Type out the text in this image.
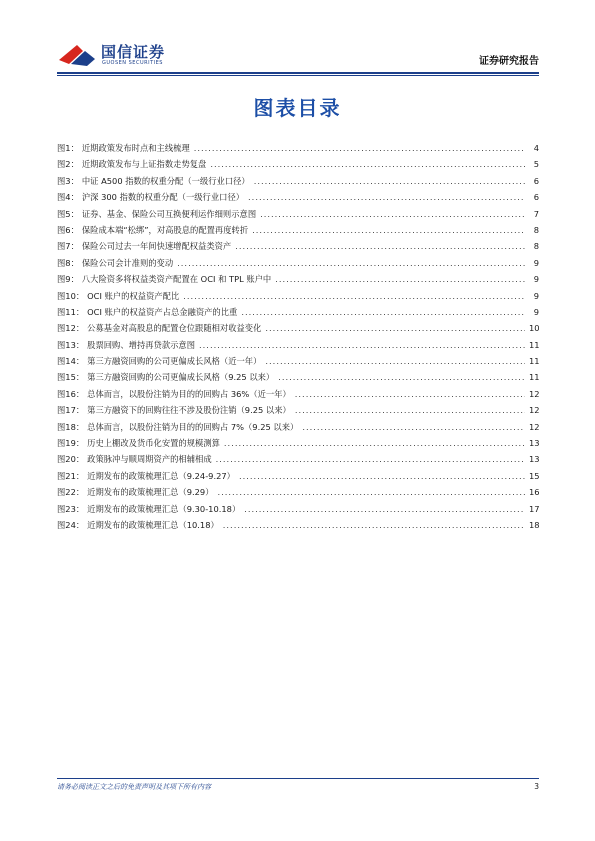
国信证券
GUOSEN SECURITIES	证券研究报告
图表目录
图1： 近期政策发布时点和主线梳理 .....	4
图2： 近期政策发布与上证指数走势复盘 .....	5
图3： 中证 A500 指数的权重分配（一级行业口径） .....	6
图4： 沪深 300 指数的权重分配（一级行业口径） .....	6
图5： 证券、基金、保险公司互换便利运作细则示意图 .....	7
图6： 保险成本端“松绑”，对高股息的配置再度转折 .....	8
图7： 保险公司过去一年间快速增配权益类资产 .....	8
图8： 保险公司会计准则的变动 .....	9
图9： 八大险资多将权益类资产配置在 OCI 和 TPL 账户中 .....	9
图10： OCI 账户的权益资产配比 .....	9
图11： OCI 账户的权益资产占总金融资产的比重 .....	9
图12： 公募基金对高股息的配置仓位跟随相对收益变化 .....	10
图13： 股票回购、增持再贷款示意图 .....	11
图14： 第三方融资回购的公司更偏成长风格（近一年） .....	11
图15： 第三方融资回购的公司更偏成长风格（9.25 以来） .....	11
图16： 总体而言，以股份注销为目的的回购占 36%（近一年） .....	12
图17： 第三方融资下的回购往往不涉及股份注销（9.25 以来） .....	12
图18： 总体而言，以股份注销为目的的回购占 7%（9.25 以来） .....	12
图19： 历史上棚改及货币化安置的规模测算 .....	13
图20： 政策脉冲与顺周期资产的相辅相成 .....	13
图21： 近期发布的政策梳理汇总（9.24-9.27） .....	15
图22： 近期发布的政策梳理汇总（9.29） .....	16
图23： 近期发布的政策梳理汇总（9.30-10.18） .....	17
图24： 近期发布的政策梳理汇总（10.18） .....	18
请务必阅读正文之后的免责声明及其项下所有内容	3
